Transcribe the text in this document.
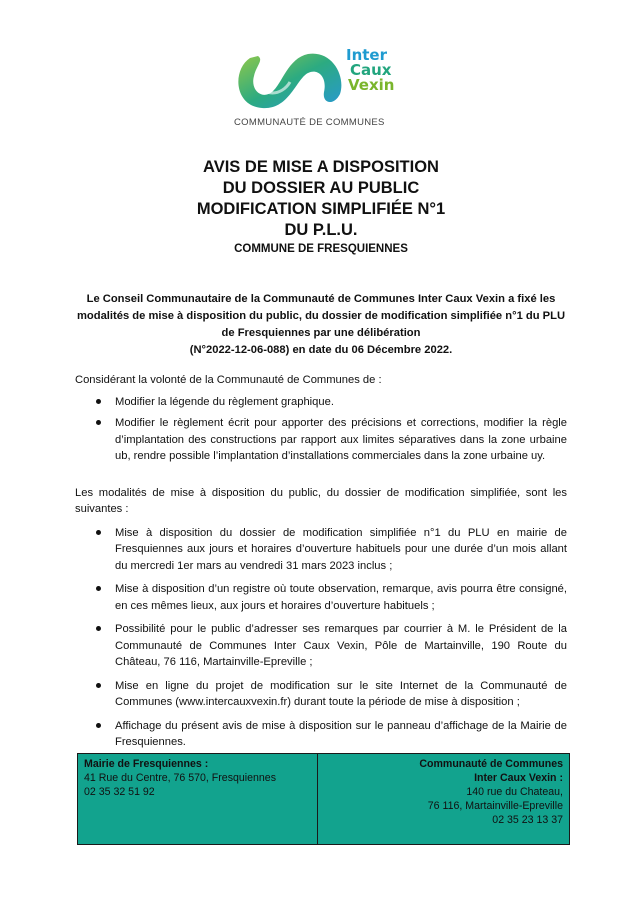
Inter
Caux
Vexin
COMMUNAUTÉ DE COMMUNES
AVIS DE MISE A DISPOSITION
DU DOSSIER AU PUBLIC
MODIFICATION SIMPLIFIÉE N°1
DU P.L.U.
COMMUNE DE FRESQUIENNES
Le Conseil Communautaire de la Communauté de Communes Inter Caux Vexin a fixé les
modalités de mise à disposition du public, du dossier de modification simplifiée n°1 du PLU
de Fresquiennes par une délibération
(N°2022-12-06-088) en date du 06 Décembre 2022.

Considérant la volonté de la Communauté de Communes de :

Modifier la légende du règlement graphique.
Modifier le règlement écrit pour apporter des précisions et corrections, modifier la règle d’implantation des constructions par rapport aux limites séparatives dans la zone urbaine ub, rendre possible l’implantation d’installations commerciales dans la zone urbaine uy.

Les modalités de mise à disposition du public, du dossier de modification simplifiée, sont les suivantes :

Mise à disposition du dossier de modification simplifiée n°1 du PLU en mairie de Fresquiennes aux jours et horaires d’ouverture habituels pour une durée d’un mois allant du mercredi 1er mars au vendredi 31 mars 2023 inclus ;
Mise à disposition d’un registre où toute observation, remarque, avis pourra être consigné, en ces mêmes lieux, aux jours et horaires d’ouverture habituels ;
Possibilité pour le public d’adresser ses remarques par courrier à M. le Président de la Communauté de Communes Inter Caux Vexin, Pôle de Martainville, 190 Route du Château, 76 116, Martainville-Epreville ;
Mise en ligne du projet de modification sur le site Internet de la Communauté de Communes (www.intercauxvexin.fr) durant toute la période de mise à disposition ;
Affichage du présent avis de mise à disposition sur le panneau d’affichage de la Mairie de Fresquiennes.
Mairie de Fresquiennes :
41 Rue du Centre, 76 570, Fresquiennes
02 35 32 51 92
Communauté de Communes
Inter Caux Vexin :
140 rue du Chateau,
76 116, Martainville-Epreville
02 35 23 13 37
